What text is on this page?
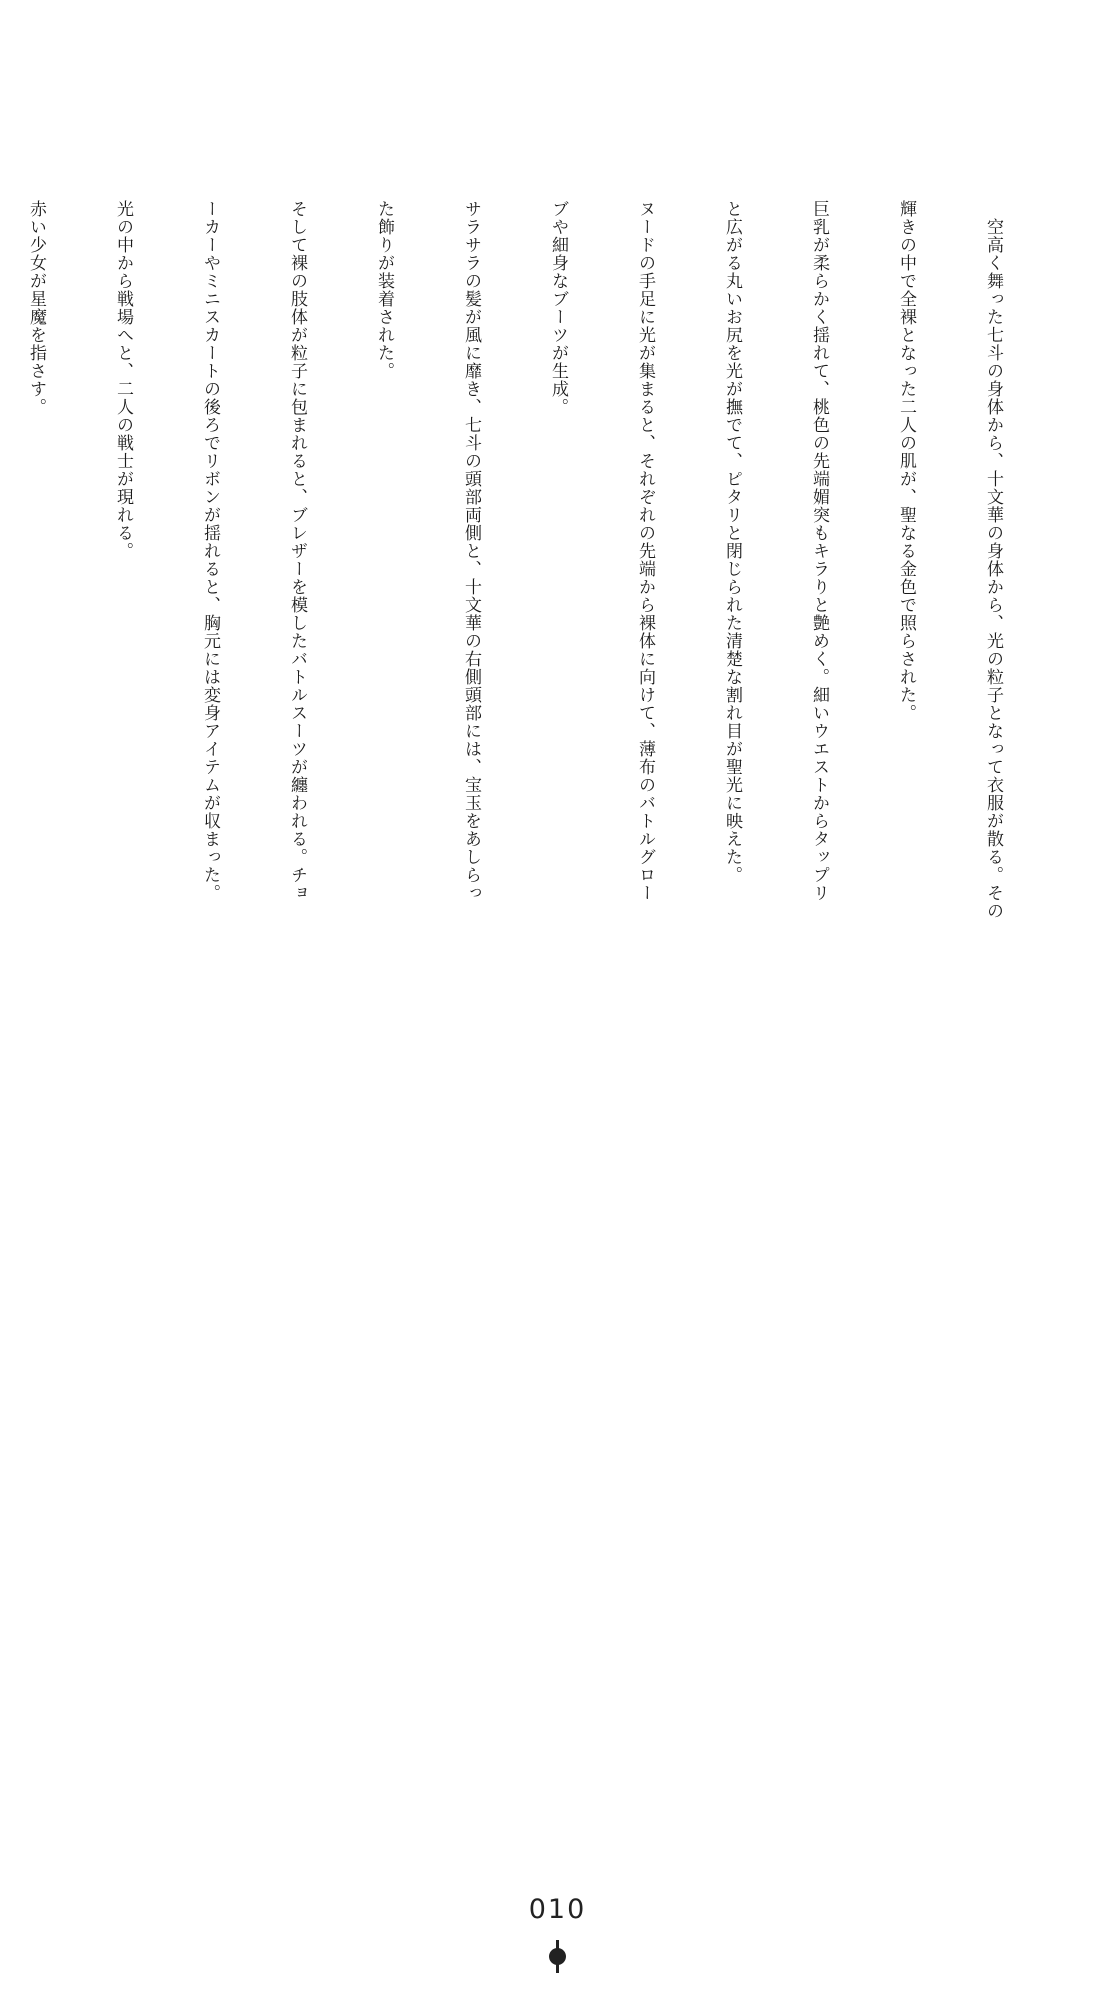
　空高く舞った七斗の身体から、十文華の身体から、光の粒子となって衣服が散る。その

輝きの中で全裸となった二人の肌が、聖なる金色で照らされた。

巨乳が柔らかく揺れて、桃色の先端媚突もキラりと艶めく。細いウエストからタップリ

と広がる丸いお尻を光が撫でて、ピタリと閉じられた清楚な割れ目が聖光に映えた。

ヌードの手足に光が集まると、それぞれの先端から裸体に向けて、薄布のバトルグロー

ブや細身なブーツが生成。

サラサラの髪が風に靡き、七斗の頭部両側と、十文華の右側頭部には、宝玉をあしらっ

た飾りが装着された。

そして裸の肢体が粒子に包まれると、ブレザーを模したバトルスーツが纏われる。チョ

ーカーやミニスカートの後ろでリボンが揺れると、胸元には変身アイテムが収まった。

光の中から戦場へと、二人の戦士が現れる。

赤い少女が星魔を指さす。

010
